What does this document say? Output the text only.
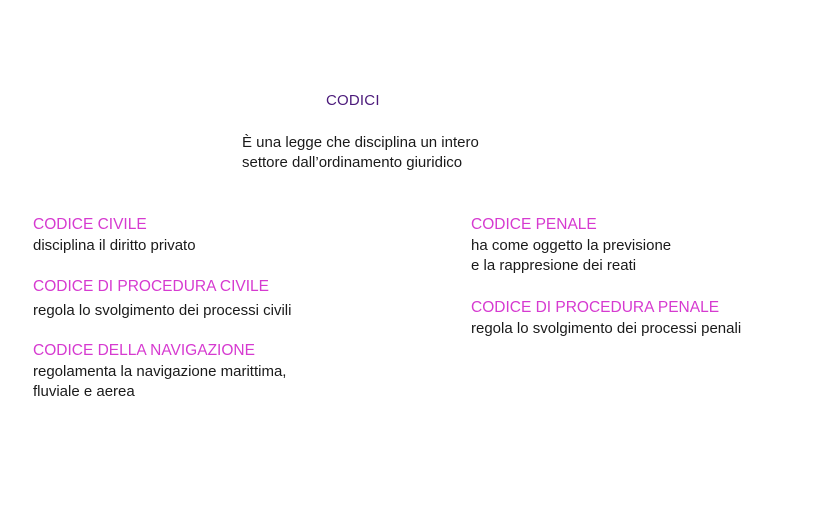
CODICI
È una legge che disciplina un intero
settore dall’ordinamento giuridico
CODICE CIVILE
disciplina il diritto privato
CODICE DI PROCEDURA CIVILE
regola lo svolgimento dei processi civili
CODICE DELLA NAVIGAZIONE
regolamenta la navigazione marittima,
fluviale e aerea
CODICE PENALE
ha come oggetto la previsione
e la rappresione dei reati
CODICE DI PROCEDURA PENALE
regola lo svolgimento dei processi penali
